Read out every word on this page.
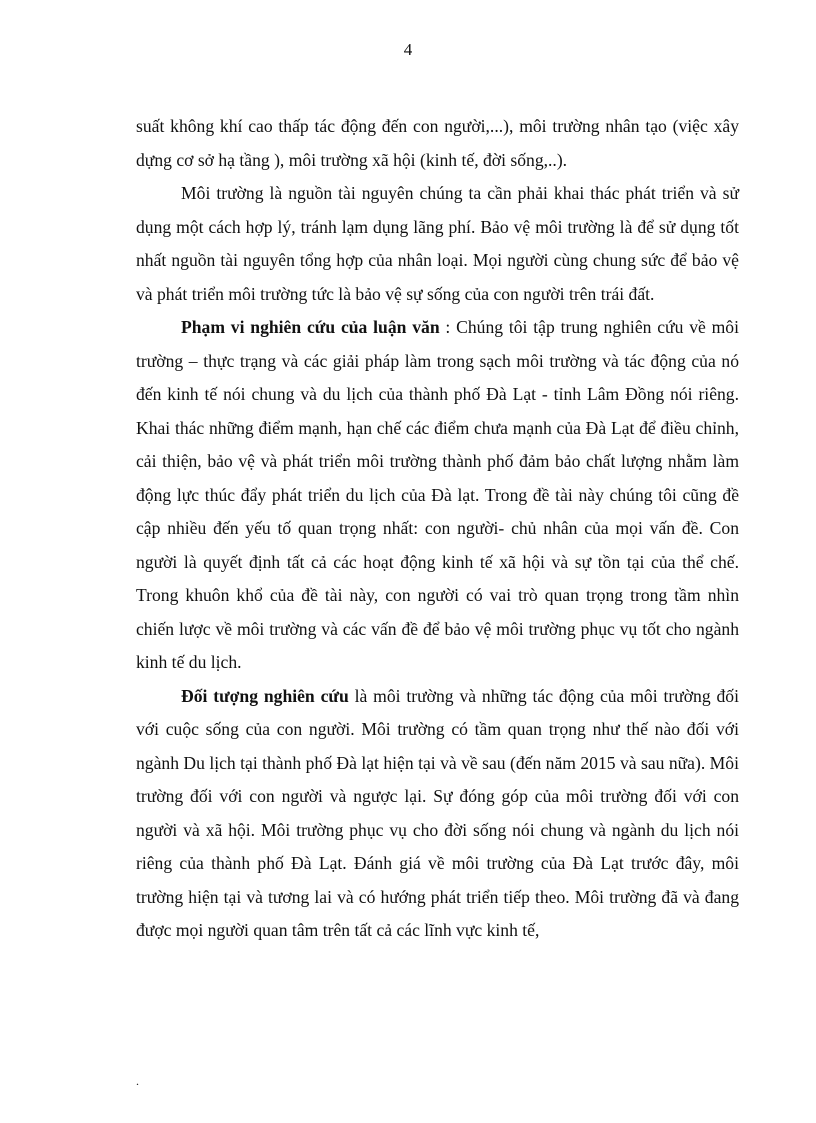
4

suất không khí cao thấp tác động đến con người,...), môi trường nhân tạo (việc xây dựng cơ sở hạ tầng ), môi trường xã hội (kinh tế, đời sống,..).

Môi trường là nguồn tài nguyên chúng ta cần phải khai thác phát triển và sử dụng một cách hợp lý, tránh lạm dụng lãng phí. Bảo vệ môi trường là để sử dụng tốt nhất nguồn tài nguyên tổng hợp của nhân loại. Mọi người cùng chung sức để bảo vệ và phát triển môi trường tức là bảo vệ sự sống của con người trên trái đất.

Phạm vi nghiên cứu của luận văn : Chúng tôi tập trung nghiên cứu về môi trường – thực trạng và các giải pháp làm trong sạch môi trường và tác động của nó đến kinh tế nói chung và du lịch của thành phố Đà Lạt - tỉnh Lâm Đồng nói riêng. Khai thác những điểm mạnh, hạn chế các điểm chưa mạnh của Đà Lạt để điều chỉnh, cải thiện, bảo vệ và phát triển môi trường thành phố đảm bảo chất lượng nhằm làm động lực thúc đẩy phát triển du lịch của Đà lạt. Trong đề tài này chúng tôi cũng đề cập nhiều đến yếu tố quan trọng nhất: con người- chủ nhân của mọi vấn đề. Con người là quyết định tất cả các hoạt động kinh tế xã hội và sự tồn tại của thể chế. Trong khuôn khổ của đề tài này, con người có vai trò quan trọng trong tầm nhìn chiến lược về môi trường và các vấn đề để bảo vệ môi trường phục vụ tốt cho ngành kinh tế du lịch.

Đối tượng nghiên cứu là môi trường và những tác động của môi trường đối với cuộc sống của con người. Môi trường có tầm quan trọng như thế nào đối với ngành Du lịch tại thành phố Đà lạt hiện tại và về sau (đến năm 2015 và sau nữa). Môi trường đối với con người và ngược lại. Sự đóng góp của môi trường đối với con người và xã hội. Môi trường phục vụ cho đời sống nói chung và ngành du lịch nói riêng của thành phố Đà Lạt. Đánh giá về môi trường của Đà Lạt trước đây, môi trường hiện tại và tương lai và có hướng phát triển tiếp theo. Môi trường đã và đang được mọi người quan tâm trên tất cả các lĩnh vực kinh tế,

.
